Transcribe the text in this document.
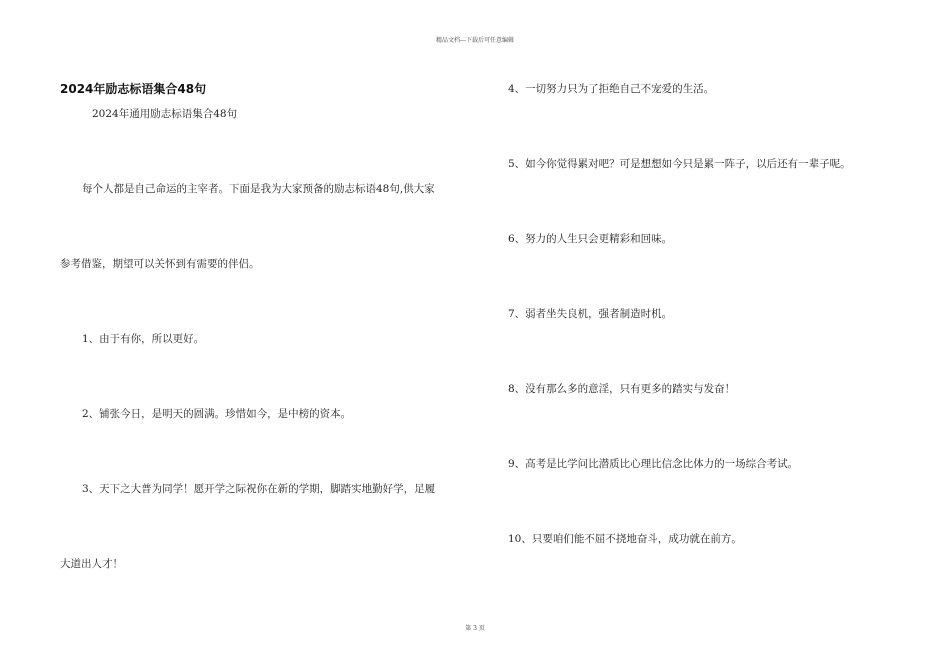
精品文档---下载后可任意编辑
2024年励志标语集合48句
2024年通用励志标语集合48句
每个人都是自己命运的主宰者。下面是我为大家预备的励志标语48句,供大家
参考借鉴，期望可以关怀到有需要的伴侣。
1、由于有你，所以更好。
2、铺张今日，是明天的圆满。珍惜如今，是中榜的资本。
3、天下之大普为同学！愿开学之际祝你在新的学期，脚踏实地勤好学，足履
大道出人才！
4、一切努力只为了拒绝自己不宠爱的生活。
5、如今你觉得累对吧？可是想想如今只是累一阵子，以后还有一辈子呢。
6、努力的人生只会更精彩和回味。
7、弱者坐失良机，强者制造时机。
8、没有那么多的意淫，只有更多的踏实与发奋！
9、高考是比学问比潜质比心理比信念比体力的一场综合考试。
10、只要咱们能不屈不挠地奋斗，成功就在前方。
第 3 页
